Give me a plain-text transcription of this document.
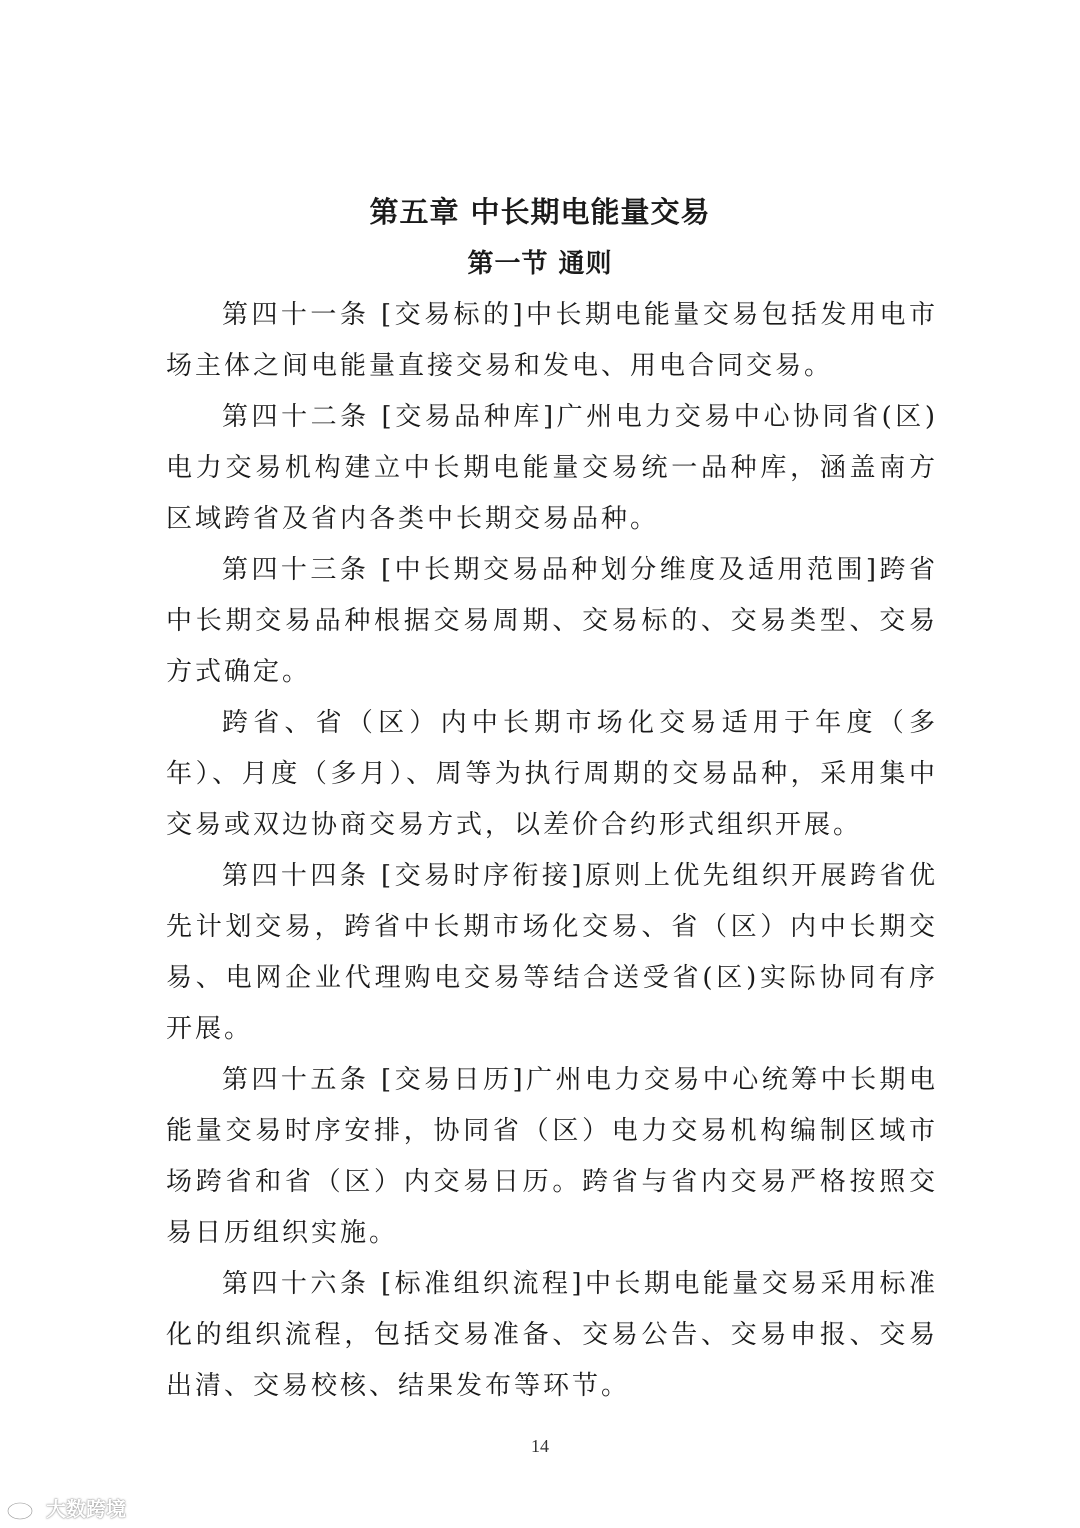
第五章 中长期电能量交易
第一节 通则

第四十一条 [交易标的]中长期电能量交易包括发用电市场主体之间电能量直接交易和发电、用电合同交易。

第四十二条 [交易品种库]广州电力交易中心协同省(区)电力交易机构建立中长期电能量交易统一品种库，涵盖南方区域跨省及省内各类中长期交易品种。

第四十三条 [中长期交易品种划分维度及适用范围]跨省中长期交易品种根据交易周期、交易标的、交易类型、交易方式确定。

跨省、省（区）内中长期市场化交易适用于年度（多年）、月度（多月）、周等为执行周期的交易品种，采用集中交易或双边协商交易方式，以差价合约形式组织开展。

第四十四条 [交易时序衔接]原则上优先组织开展跨省优先计划交易，跨省中长期市场化交易、省（区）内中长期交易、电网企业代理购电交易等结合送受省(区)实际协同有序开展。

第四十五条 [交易日历]广州电力交易中心统筹中长期电能量交易时序安排，协同省（区）电力交易机构编制区域市场跨省和省（区）内交易日历。跨省与省内交易严格按照交易日历组织实施。

第四十六条 [标准组织流程]中长期电能量交易采用标准化的组织流程，包括交易准备、交易公告、交易申报、交易出清、交易校核、结果发布等环节。

14
大数跨境
